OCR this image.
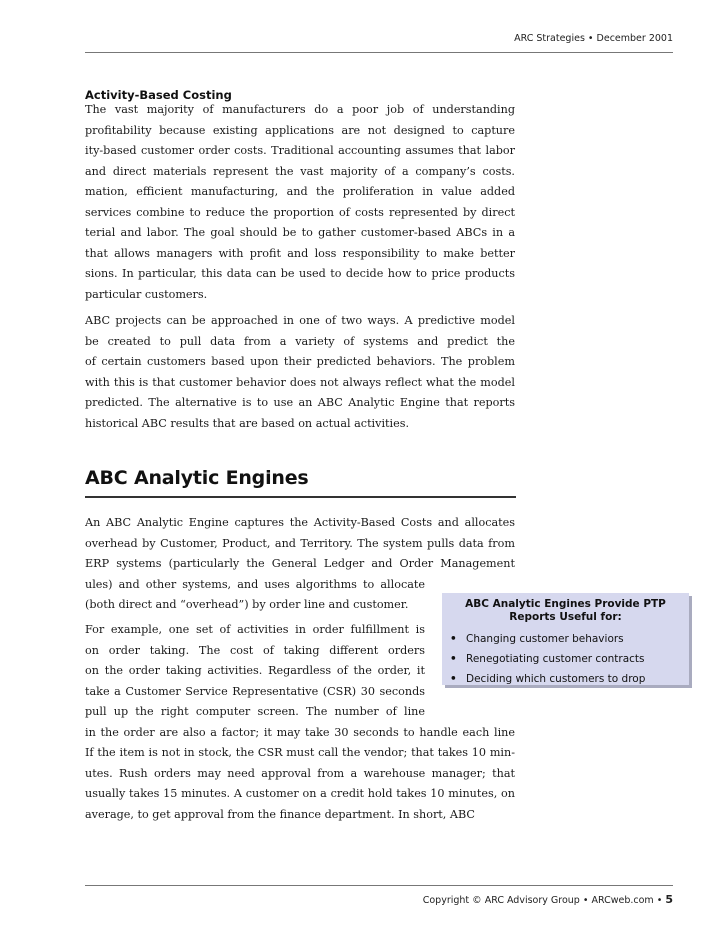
ARC Strategies • December 2001
Activity-Based Costing

The vast majority of manufacturers do a poor job of understanding
profitability because existing applications are not designed to capture
ity-based customer order costs. Traditional accounting assumes that labor
and direct materials represent the vast majority of a company’s costs.
mation, efficient manufacturing, and the proliferation in value added
services combine to reduce the proportion of costs represented by direct
terial and labor. The goal should be to gather customer-based ABCs in a
that allows managers with profit and loss responsibility to make better
sions. In particular, this data can be used to decide how to price products
particular customers.

ABC projects can be approached in one of two ways. A predictive model
be created to pull data from a variety of systems and predict the
of certain customers based upon their predicted behaviors. The problem
with this is that customer behavior does not always reflect what the model
predicted. The alternative is to use an ABC Analytic Engine that reports
historical ABC results that are based on actual activities.

ABC Analytic Engines

An ABC Analytic Engine captures the Activity-Based Costs and allocates
overhead by Customer, Product, and Territory. The system pulls data from
ERP systems (particularly the General Ledger and Order Management
ules) and other systems, and uses algorithms to allocate
(both direct and “overhead”) by order line and customer.

For example, one set of activities in order fulfillment is
on order taking. The cost of taking different orders
on the order taking activities. Regardless of the order, it
take a Customer Service Representative (CSR) 30 seconds
pull up the right computer screen. The number of line
in the order are also a factor; it may take 30 seconds to handle each line
If the item is not in stock, the CSR must call the vendor; that takes 10 min-
utes. Rush orders may need approval from a warehouse manager; that
usually takes 15 minutes. A customer on a credit hold takes 10 minutes, on
average, to get approval from the finance department. In short, ABC

ABC Analytic Engines Provide PTP Reports Useful for:
• Changing customer behaviors
• Renegotiating customer contracts
• Deciding which customers to drop
Copyright © ARC Advisory Group • ARCweb.com • 5
